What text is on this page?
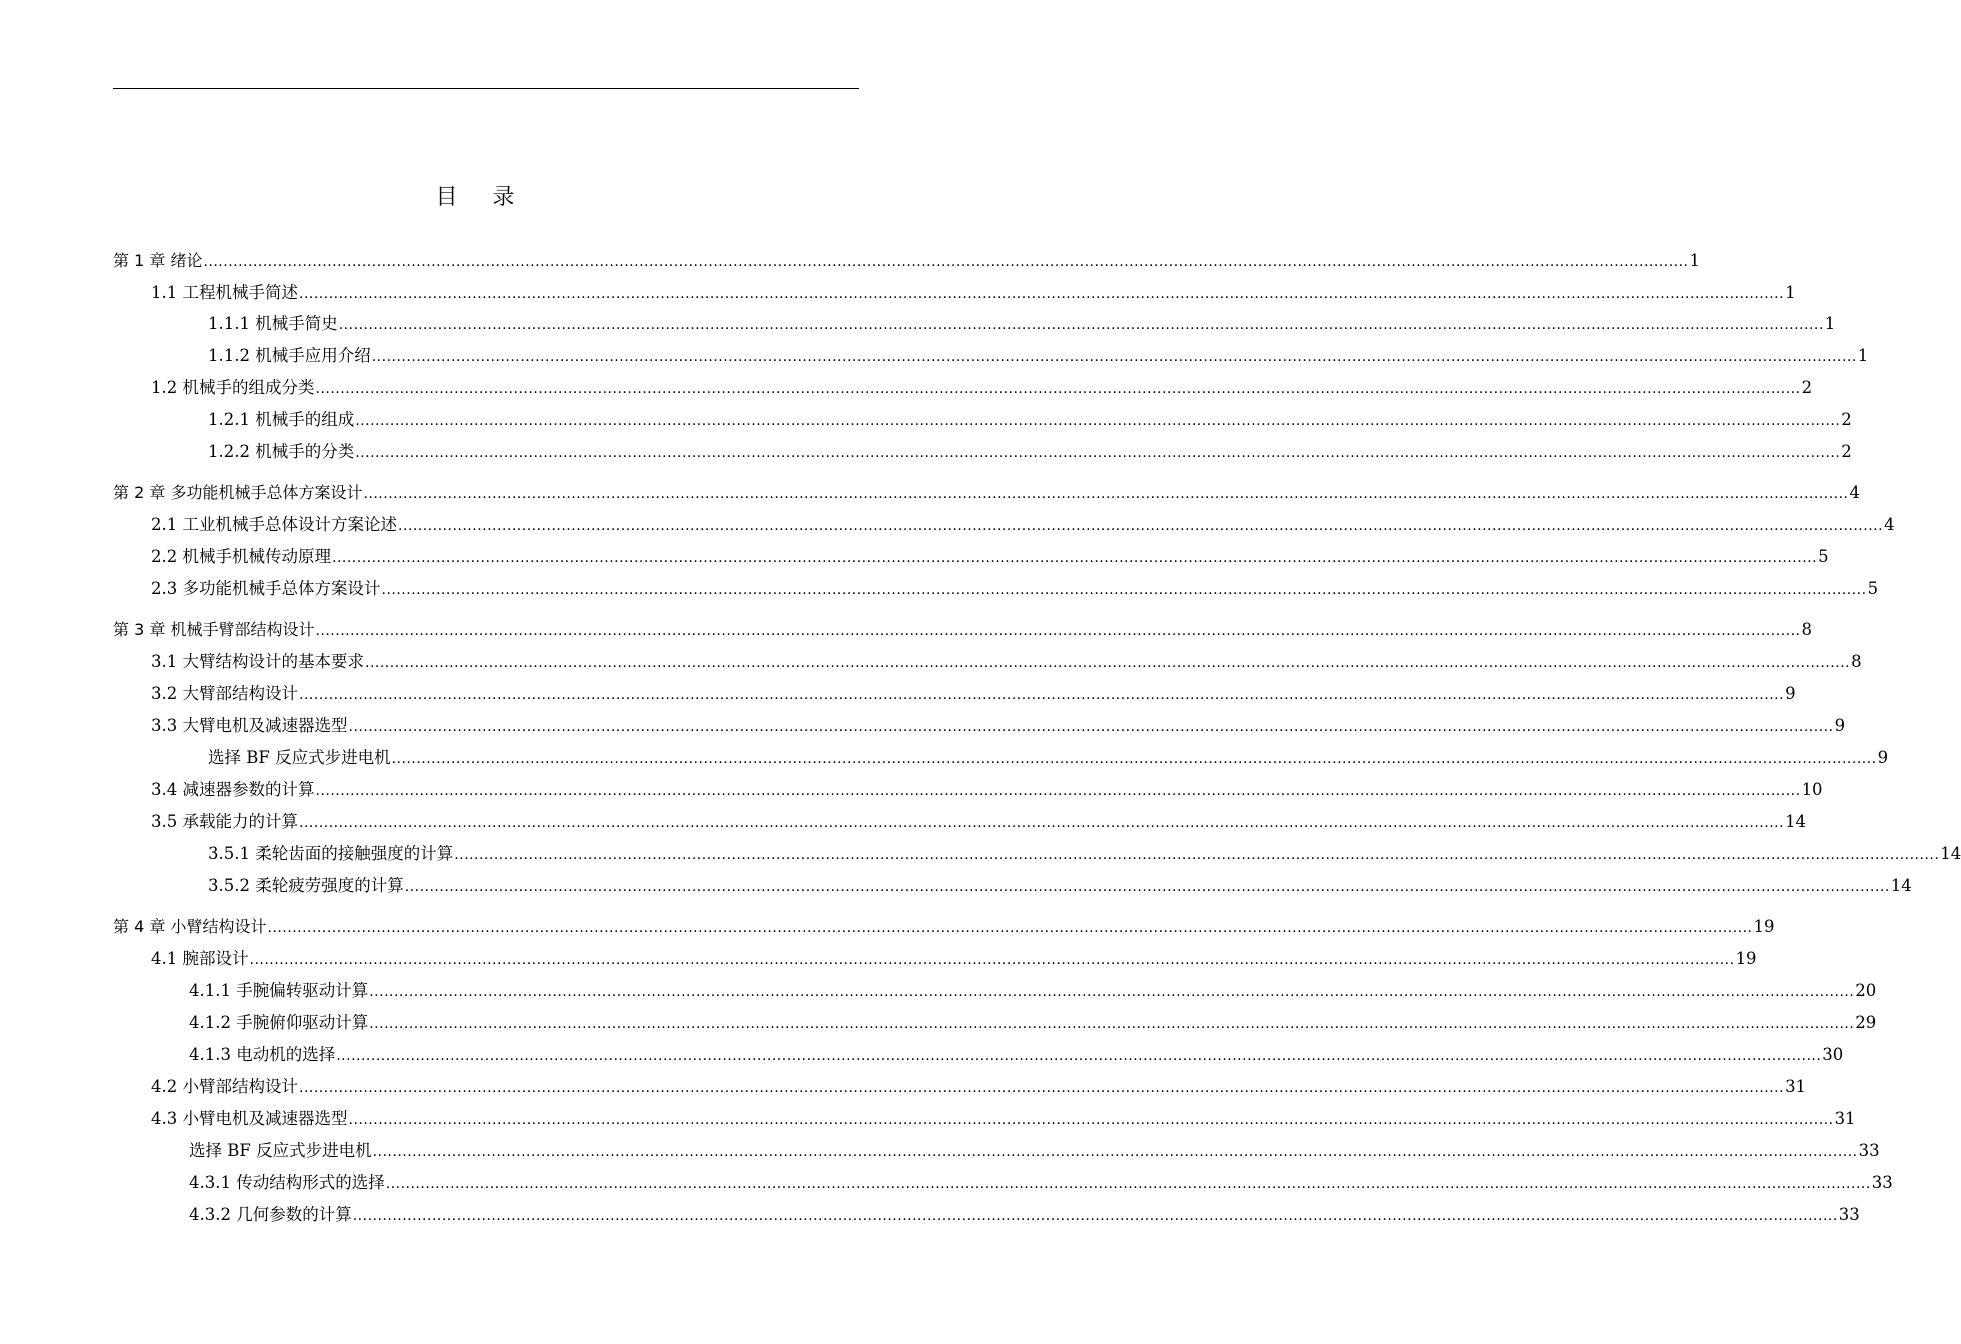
目 录
第 1 章 绪论 ............................................................................................................................................................................................................................................................................................................ 1
1.1 工程机械手简述 ............................................................................................................................................................................................................................................................................................................ 1
1.1.1 机械手简史 ............................................................................................................................................................................................................................................................................................................ 1
1.1.2 机械手应用介绍 ............................................................................................................................................................................................................................................................................................................ 1
1.2 机械手的组成分类 ............................................................................................................................................................................................................................................................................................................ 2
1.2.1 机械手的组成 ............................................................................................................................................................................................................................................................................................................ 2
1.2.2 机械手的分类 ............................................................................................................................................................................................................................................................................................................ 2
第 2 章 多功能机械手总体方案设计 ............................................................................................................................................................................................................................................................................................................ 4
2.1 工业机械手总体设计方案论述 ............................................................................................................................................................................................................................................................................................................ 4
2.2 机械手机械传动原理 ............................................................................................................................................................................................................................................................................................................ 5
2.3 多功能机械手总体方案设计 ............................................................................................................................................................................................................................................................................................................ 5
第 3 章 机械手臂部结构设计 ............................................................................................................................................................................................................................................................................................................ 8
3.1 大臂结构设计的基本要求 ............................................................................................................................................................................................................................................................................................................ 8
3.2 大臂部结构设计 ............................................................................................................................................................................................................................................................................................................ 9
3.3 大臂电机及减速器选型 ............................................................................................................................................................................................................................................................................................................ 9
选择 BF 反应式步进电机 ............................................................................................................................................................................................................................................................................................................ 9
3.4 减速器参数的计算 ............................................................................................................................................................................................................................................................................................................ 10
3.5 承载能力的计算 ............................................................................................................................................................................................................................................................................................................ 14
3.5.1 柔轮齿面的接触强度的计算 ............................................................................................................................................................................................................................................................................................................ 14
3.5.2 柔轮疲劳强度的计算 ............................................................................................................................................................................................................................................................................................................ 14
第 4 章 小臂结构设计 ............................................................................................................................................................................................................................................................................................................ 19
4.1 腕部设计 ............................................................................................................................................................................................................................................................................................................ 19
4.1.1 手腕偏转驱动计算 ............................................................................................................................................................................................................................................................................................................ 20
4.1.2 手腕俯仰驱动计算 ............................................................................................................................................................................................................................................................................................................ 29
4.1.3 电动机的选择 ............................................................................................................................................................................................................................................................................................................ 30
4.2 小臂部结构设计 ............................................................................................................................................................................................................................................................................................................ 31
4.3 小臂电机及减速器选型 ............................................................................................................................................................................................................................................................................................................ 31
选择 BF 反应式步进电机 ............................................................................................................................................................................................................................................................................................................ 33
4.3.1 传动结构形式的选择 ............................................................................................................................................................................................................................................................................................................ 33
4.3.2 几何参数的计算 ............................................................................................................................................................................................................................................................................................................ 33
